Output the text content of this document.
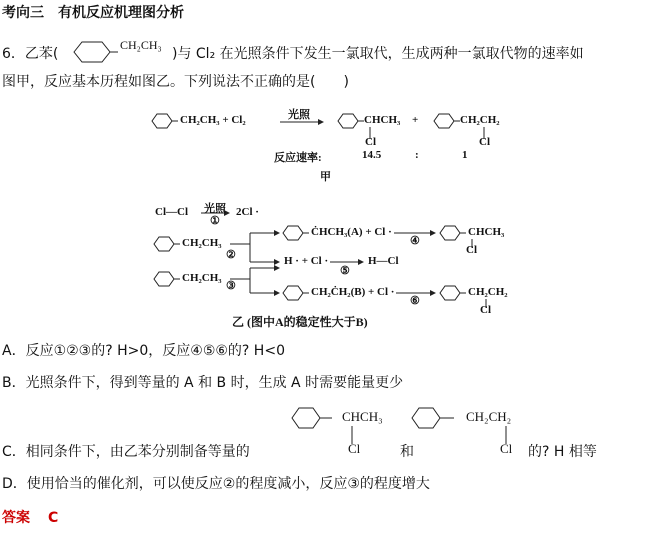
考向三　有机反应机理图分析
6．乙苯(
CH₂CH₃
)与 Cl₂ 在光照条件下发生一氯取代，生成两种一氯取代物的速率如
图甲，反应基本历程如图乙。下列说法不正确的是(　　)
CH₂CH₃ + Cl₂	光照	CHCH₃
Cl
+	CH₂CH₂
Cl
反应速率:	14.5	:	1
甲
Cl—Cl 光照
①
2Cl ·
CH₂CH₃
②
ĊHCH₃(A) + Cl ·
④
CHCH₃
Cl
H · + Cl ·
⑤
H—Cl
CH₂CH₃
③	CH₂ĊH₂(B) + Cl ·
⑥
CH₂CH₂
Cl
乙 (图中A的稳定性大于B)
A．反应①②③的? H>0，反应④⑤⑥的? H<0
B．光照条件下，得到等量的 A 和 B 时，生成 A 时需要能量更少
CHCH₃
Cl
CH₂CH₂
Cl
C．相同条件下，由乙苯分别制备等量的	和	的? H 相等
D．使用恰当的催化剂，可以使反应②的程度减小，反应③的程度增大
答案 C
